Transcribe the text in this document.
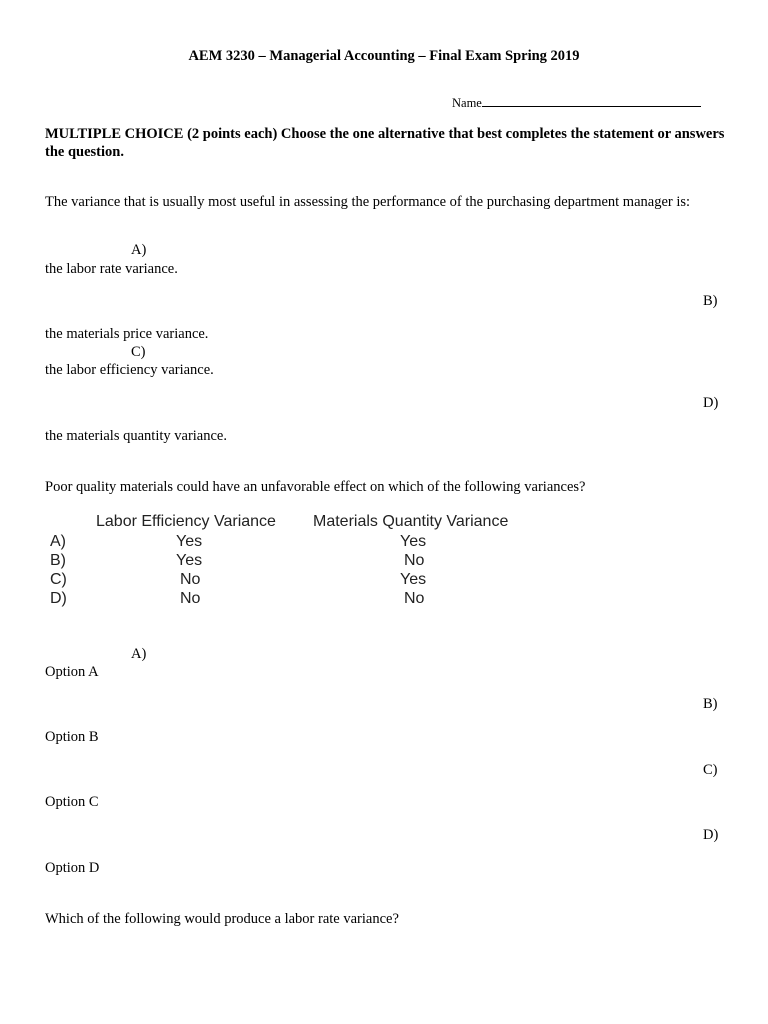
AEM 3230 – Managerial Accounting – Final Exam Spring 2019
Name
MULTIPLE CHOICE (2 points each) Choose the one alternative that best completes the statement or answers the question.
The variance that is usually most useful in assessing the performance of the purchasing department manager is:
A)
the labor rate variance.
B)
the materials price variance.
C)
the labor efficiency variance.
D)
the materials quantity variance.
Poor quality materials could have an unfavorable effect on which of the following variances?
Labor Efficiency Variance Materials Quantity Variance
A)	Yes	Yes
B)	Yes	No
C)	No	Yes
D)	No	No
A)
Option A
B)
Option B
C)
Option C
D)
Option D
Which of the following would produce a labor rate variance?
